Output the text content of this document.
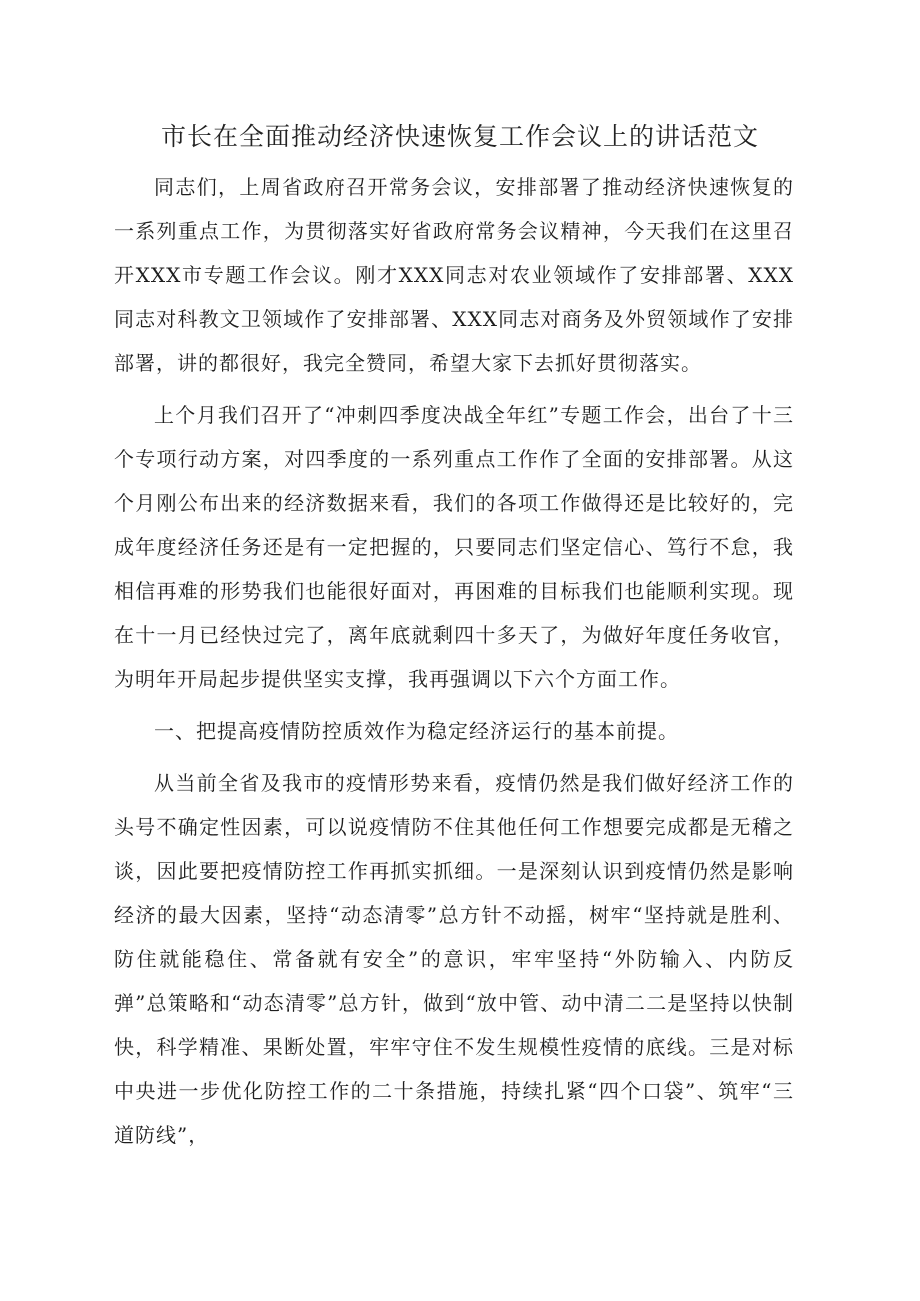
市长在全面推动经济快速恢复工作会议上的讲话范文

同志们，上周省政府召开常务会议，安排部署了推动经济快速恢复的一系列重点工作，为贯彻落实好省政府常务会议精神，今天我们在这里召开XXX市专题工作会议。刚才XXX同志对农业领域作了安排部署、XXX同志对科教文卫领域作了安排部署、XXX同志对商务及外贸领域作了安排部署，讲的都很好，我完全赞同，希望大家下去抓好贯彻落实。

上个月我们召开了“冲刺四季度决战全年红”专题工作会，出台了十三个专项行动方案，对四季度的一系列重点工作作了全面的安排部署。从这个月刚公布出来的经济数据来看，我们的各项工作做得还是比较好的，完成年度经济任务还是有一定把握的，只要同志们坚定信心、笃行不怠，我相信再难的形势我们也能很好面对，再困难的目标我们也能顺利实现。现在十一月已经快过完了，离年底就剩四十多天了，为做好年度任务收官，为明年开局起步提供坚实支撑，我再强调以下六个方面工作。

一、把提高疫情防控质效作为稳定经济运行的基本前提。

从当前全省及我市的疫情形势来看，疫情仍然是我们做好经济工作的头号不确定性因素，可以说疫情防不住其他任何工作想要完成都是无稽之谈，因此要把疫情防控工作再抓实抓细。一是深刻认识到疫情仍然是影响经济的最大因素，坚持“动态清零”总方针不动摇，树牢“坚持就是胜利、防住就能稳住、常备就有安全”的意识，牢牢坚持“外防输入、内防反弹”总策略和“动态清零”总方针，做到“放中管、动中清二二是坚持以快制快，科学精准、果断处置，牢牢守住不发生规模性疫情的底线。三是对标中央进一步优化防控工作的二十条措施，持续扎紧“四个口袋”、筑牢“三道防线”，
